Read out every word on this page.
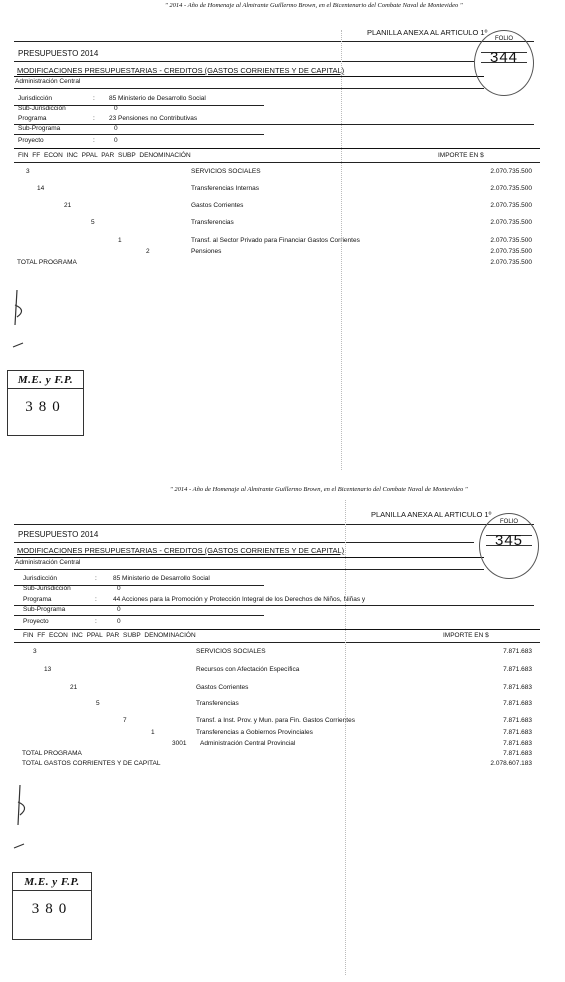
" 2014 - Año de Homenaje al Almirante Guillermo Brown, en el Bicentenario del Combate Naval de Montevideo "
PLANILLA ANEXA AL ARTICULO 1º
PRESUPUESTO 2014
MODIFICACIONES PRESUPUESTARIAS - CREDITOS (GASTOS CORRIENTES Y DE CAPITAL)
Administración Central
Jurisdicción	: 85 Ministerio de Desarrollo Social
Sub-Jurisdicción	0
Programa	: 23 Pensiones no Contributivas
Sub-Programa	0
Proyecto	:	0
FIN FF ECON INC PPAL PAR SUBP DENOMINACIÓN	IMPORTE EN $
3	SERVICIOS SOCIALES	2.070.735.500
14	Transferencias Internas	2.070.735.500
21	Gastos Corrientes	2.070.735.500
5	Transferencias	2.070.735.500
1	Transf. al Sector Privado para Financiar Gastos Corrientes	2.070.735.500
2	Pensiones	2.070.735.500
TOTAL PROGRAMA	2.070.735.500
FOLIO
344
M.E. y F.P.
380
" 2014 - Año de Homenaje al Almirante Guillermo Brown, en el Bicentenario del Combate Naval de Montevideo "
PLANILLA ANEXA AL ARTICULO 1º
PRESUPUESTO 2014
MODIFICACIONES PRESUPUESTARIAS - CREDITOS (GASTOS CORRIENTES Y DE CAPITAL)
Administración Central
Jurisdicción	: 85 Ministerio de Desarrollo Social
Sub-Jurisdicción	0
Programa	: 44 Acciones para la Promoción y Protección Integral de los Derechos de Niños, Niñas y
Sub-Programa	0
Proyecto	:	0
FIN FF ECON INC PPAL PAR SUBP DENOMINACIÓN	IMPORTE EN $
3	SERVICIOS SOCIALES	7.871.683
13	Recursos con Afectación Específica	7.871.683
21	Gastos Corrientes	7.871.683
5	Transferencias	7.871.683
7	Transf. a Inst. Prov. y Mun. para Fin. Gastos Corrientes	7.871.683
1	Transferencias a Gobiernos Provinciales	7.871.683
3001 Administración Central Provincial	7.871.683
TOTAL PROGRAMA	7.871.683
TOTAL GASTOS CORRIENTES Y DE CAPITAL	2.078.607.183
FOLIO
345
M.E. y F.P.
380
